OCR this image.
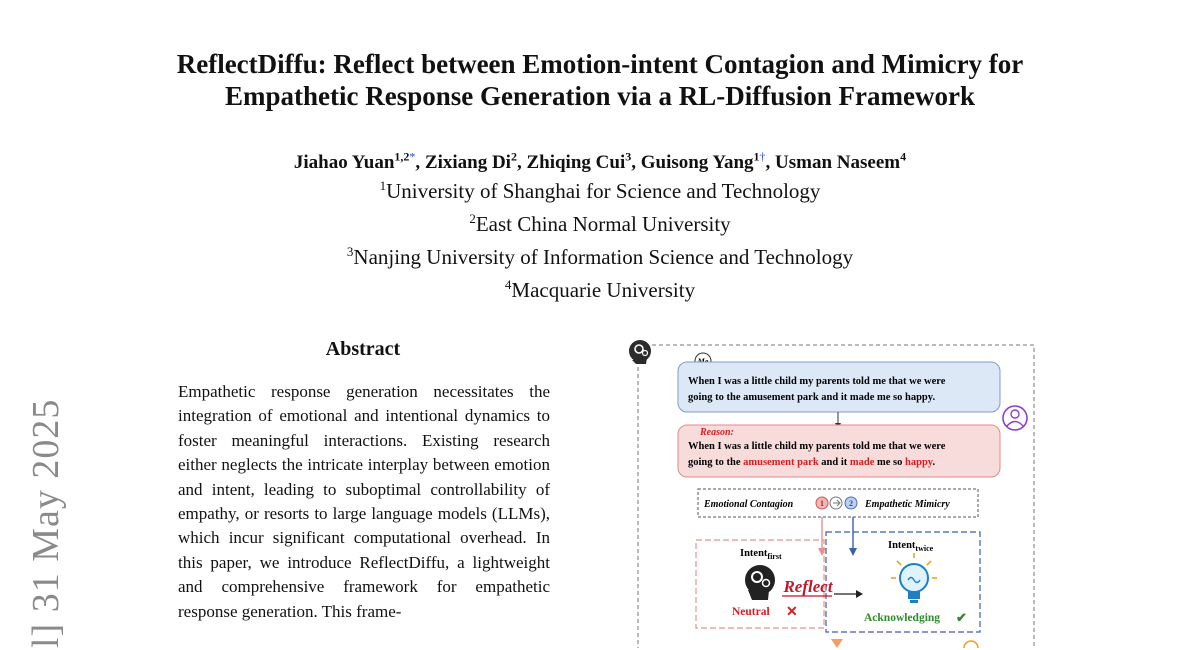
ReflectDiffu: Reflect between Emotion-intent Contagion and Mimicry for
Empathetic Response Generation via a RL-Diffusion Framework
Jiahao Yuan$^{1,2*}$, Zixiang Di$^2$, Zhiqing Cui$^3$, Guisong Yang$^{1\dagger}$, Usman Naseem$^4$
$^1$University of Shanghai for Science and Technology
$^2$East China Normal University
$^3$Nanjing University of Information Science and Technology
$^4$Macquarie University
l] 31 May 2025
Abstract

Empathetic response generation necessitates the integration of emotional and intentional dynamics to foster meaningful interactions. Existing research either neglects the intricate interplay between emotion and intent, leading to suboptimal controllability of empathy, or resorts to large language models (LLMs), which incur significant computational overhead. In this paper, we introduce ReflectDiffu, a lightweight and comprehensive framework for empathetic response generation. This frame-

When I was a little child my parents told me that we were
going to the amusement park and it made me so happy.
Reason:
When I was a little child my parents told me that we were
going to the amusement park and it made me so happy.
Emotional Contagion	1	2 Empathetic Mimicry
Intent$_{first}$
Intent$_{twice}$
Reflect
Neutral ✕	Acknowledging ✔
